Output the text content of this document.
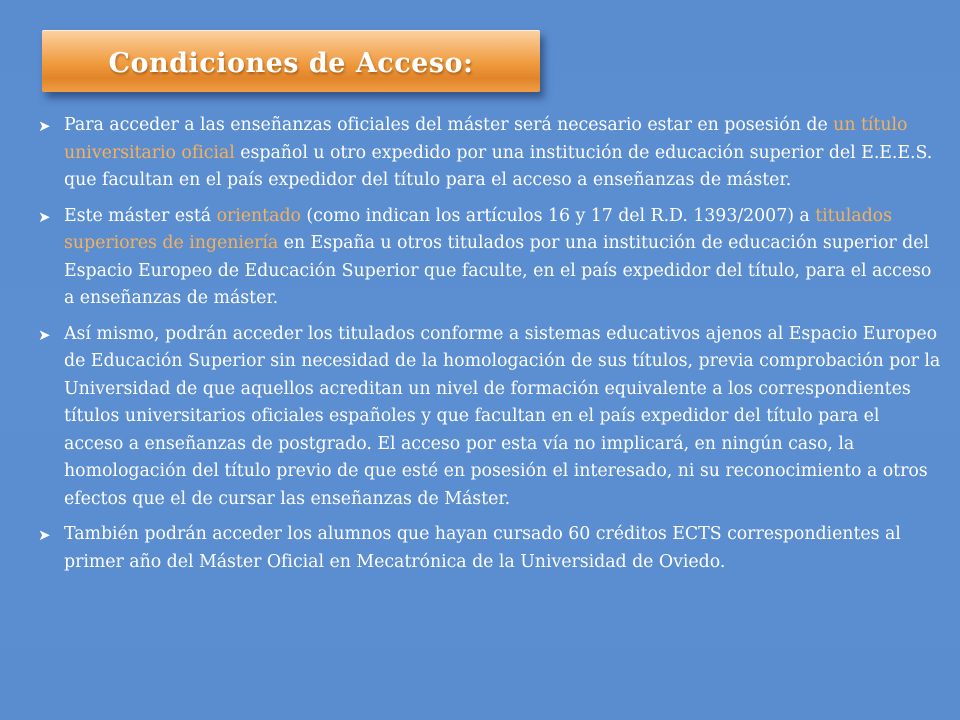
Condiciones de Acceso:
➤ Para acceder a las enseñanzas oficiales del máster será necesario estar en posesión de un título universitario oficial español u otro expedido por una institución de educación superior del E.E.E.S. que facultan en el país expedidor del título para el acceso a enseñanzas de máster.
➤ Este máster está orientado (como indican los artículos 16 y 17 del R.D. 1393/2007) a titulados superiores de ingeniería en España u otros titulados por una institución de educación superior del Espacio Europeo de Educación Superior que faculte, en el país expedidor del título, para el acceso a enseñanzas de máster.
➤ Así mismo, podrán acceder los titulados conforme a sistemas educativos ajenos al Espacio Europeo de Educación Superior sin necesidad de la homologación de sus títulos, previa comprobación por la Universidad de que aquellos acreditan un nivel de formación equivalente a los correspondientes títulos universitarios oficiales españoles y que facultan en el país expedidor del título para el acceso a enseñanzas de postgrado. El acceso por esta vía no implicará, en ningún caso, la homologación del título previo de que esté en posesión el interesado, ni su reconocimiento a otros efectos que el de cursar las enseñanzas de Máster.
➤ También podrán acceder los alumnos que hayan cursado 60 créditos ECTS correspondientes al primer año del Máster Oficial en Mecatrónica de la Universidad de Oviedo.
